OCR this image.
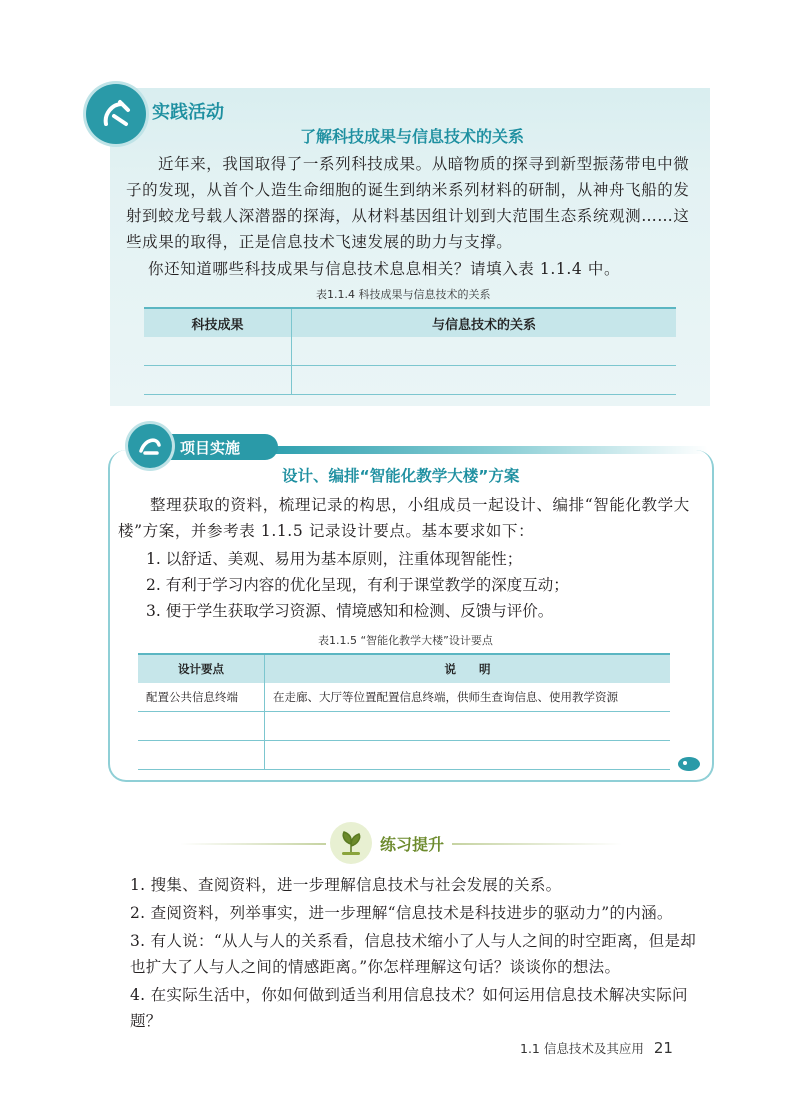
实践活动
了解科技成果与信息技术的关系
近年来，我国取得了一系列科技成果。从暗物质的探寻到新型振荡带电中微子的发现，从首个人造生命细胞的诞生到纳米系列材料的研制，从神舟飞船的发射到蛟龙号载人深潜器的探海，从材料基因组计划到大范围生态系统观测……这些成果的取得，正是信息技术飞速发展的助力与支撑。
你还知道哪些科技成果与信息技术息息相关？请填入表 1.1.4 中。
表1.1.4 科技成果与信息技术的关系
科技成果	与信息技术的关系

项目实施
设计、编排“智能化教学大楼”方案
整理获取的资料，梳理记录的构思，小组成员一起设计、编排“智能化教学大楼”方案，并参考表 1.1.5 记录设计要点。基本要求如下：
1. 以舒适、美观、易用为基本原则，注重体现智能性；
2. 有利于学习内容的优化呈现，有利于课堂教学的深度互动；
3. 便于学生获取学习资源、情境感知和检测、反馈与评价。
表1.1.5 “智能化教学大楼”设计要点
设计要点	说　　明
配置公共信息终端	在走廊、大厅等位置配置信息终端，供师生查询信息、使用教学资源

练习提升
1. 搜集、查阅资料，进一步理解信息技术与社会发展的关系。
2. 查阅资料，列举事实，进一步理解“信息技术是科技进步的驱动力”的内涵。
3. 有人说：“从人与人的关系看，信息技术缩小了人与人之间的时空距离，但是却也扩大了人与人之间的情感距离。”你怎样理解这句话？谈谈你的想法。
4. 在实际生活中，你如何做到适当利用信息技术？如何运用信息技术解决实际问题？
1.1 信息技术及其应用 21
